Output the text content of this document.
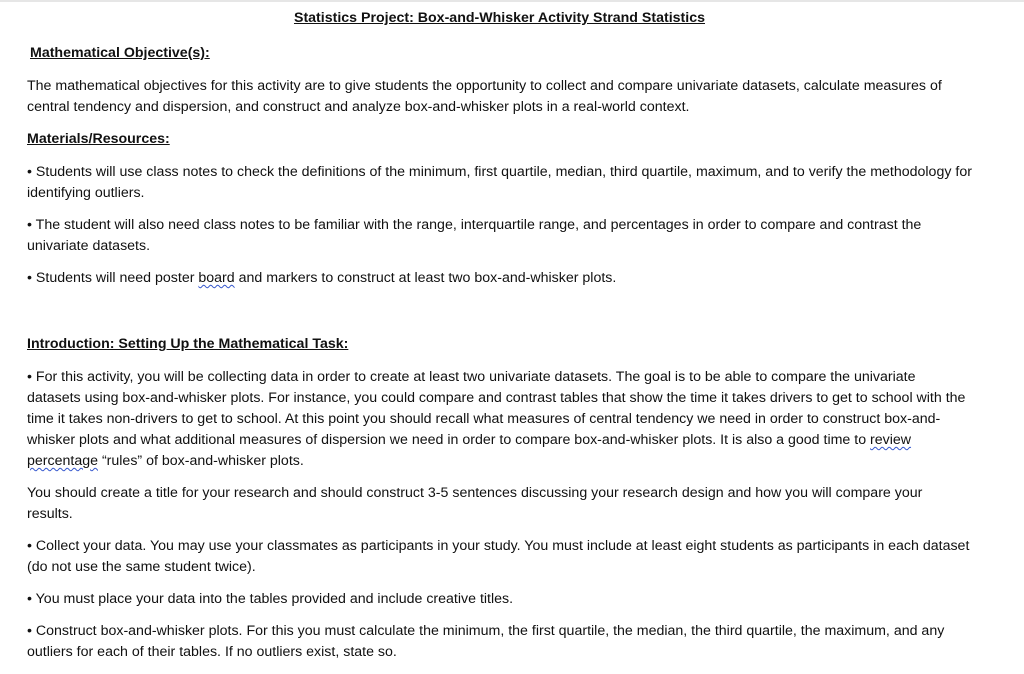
Statistics Project: Box-and-Whisker Activity Strand Statistics
Mathematical Objective(s):

The mathematical objectives for this activity are to give students the opportunity to collect and compare univariate datasets, calculate measures of central tendency and dispersion, and construct and analyze box-and-whisker plots in a real-world context.

Materials/Resources:

• Students will use class notes to check the definitions of the minimum, first quartile, median, third quartile, maximum, and to verify the methodology for identifying outliers.

• The student will also need class notes to be familiar with the range, interquartile range, and percentages in order to compare and contrast the univariate datasets.

• Students will need poster board and markers to construct at least two box-and-whisker plots.

Introduction: Setting Up the Mathematical Task:

• For this activity, you will be collecting data in order to create at least two univariate datasets. The goal is to be able to compare the univariate datasets using box-and-whisker plots. For instance, you could compare and contrast tables that show the time it takes drivers to get to school with the time it takes non-drivers to get to school. At this point you should recall what measures of central tendency we need in order to construct box-and-whisker plots and what additional measures of dispersion we need in order to compare box-and-whisker plots. It is also a good time to review percentage “rules” of box-and-whisker plots.

You should create a title for your research and should construct 3-5 sentences discussing your research design and how you will compare your results.

• Collect your data. You may use your classmates as participants in your study. You must include at least eight students as participants in each dataset (do not use the same student twice).

• You must place your data into the tables provided and include creative titles.

• Construct box-and-whisker plots. For this you must calculate the minimum, the first quartile, the median, the third quartile, the maximum, and any outliers for each of their tables. If no outliers exist, state so.
